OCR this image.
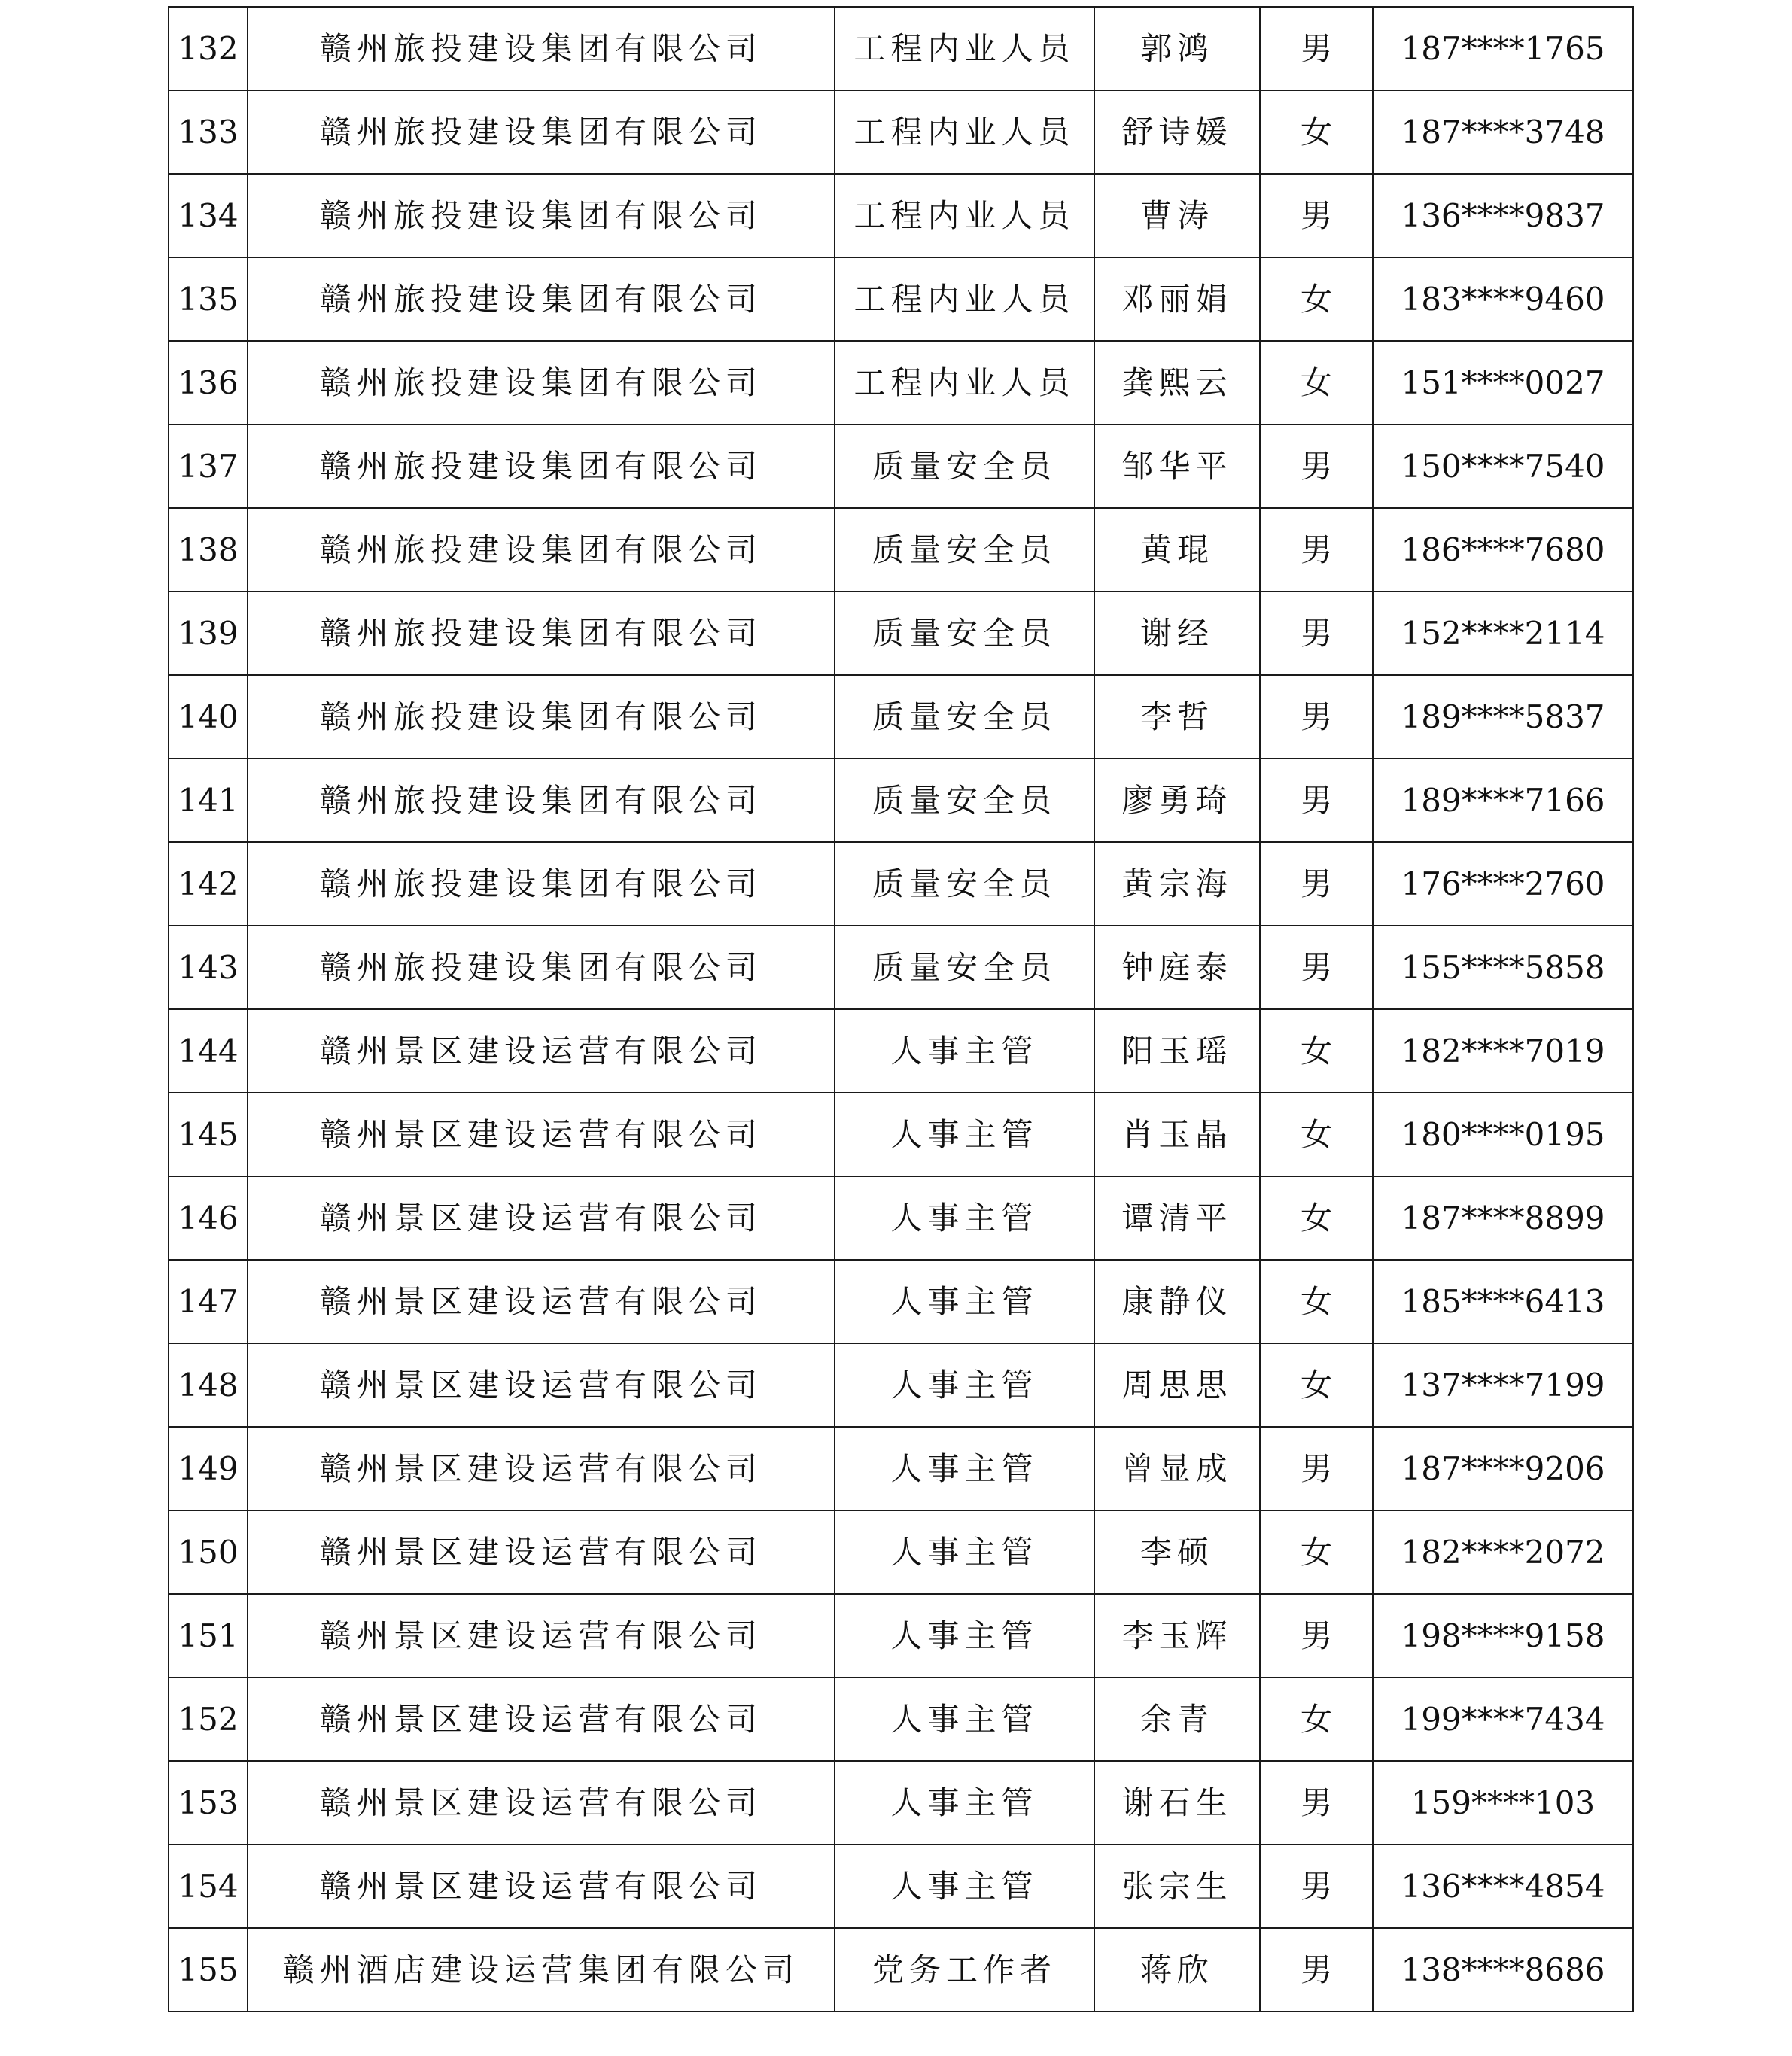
132	赣州旅投建设集团有限公司	工程内业人员	郭鸿	男	187****1765
133	赣州旅投建设集团有限公司	工程内业人员	舒诗媛	女	187****3748
134	赣州旅投建设集团有限公司	工程内业人员	曹涛	男	136****9837
135	赣州旅投建设集团有限公司	工程内业人员	邓丽娟	女	183****9460
136	赣州旅投建设集团有限公司	工程内业人员	龚熙云	女	151****0027
137	赣州旅投建设集团有限公司	质量安全员	邹华平	男	150****7540
138	赣州旅投建设集团有限公司	质量安全员	黄琨	男	186****7680
139	赣州旅投建设集团有限公司	质量安全员	谢经	男	152****2114
140	赣州旅投建设集团有限公司	质量安全员	李哲	男	189****5837
141	赣州旅投建设集团有限公司	质量安全员	廖勇琦	男	189****7166
142	赣州旅投建设集团有限公司	质量安全员	黄宗海	男	176****2760
143	赣州旅投建设集团有限公司	质量安全员	钟庭泰	男	155****5858
144	赣州景区建设运营有限公司	人事主管	阳玉瑶	女	182****7019
145	赣州景区建设运营有限公司	人事主管	肖玉晶	女	180****0195
146	赣州景区建设运营有限公司	人事主管	谭清平	女	187****8899
147	赣州景区建设运营有限公司	人事主管	康静仪	女	185****6413
148	赣州景区建设运营有限公司	人事主管	周思思	女	137****7199
149	赣州景区建设运营有限公司	人事主管	曾显成	男	187****9206
150	赣州景区建设运营有限公司	人事主管	李硕	女	182****2072
151	赣州景区建设运营有限公司	人事主管	李玉辉	男	198****9158
152	赣州景区建设运营有限公司	人事主管	余青	女	199****7434
153	赣州景区建设运营有限公司	人事主管	谢石生	男	159****103
154	赣州景区建设运营有限公司	人事主管	张宗生	男	136****4854
155	赣州酒店建设运营集团有限公司	党务工作者	蒋欣	男	138****8686
